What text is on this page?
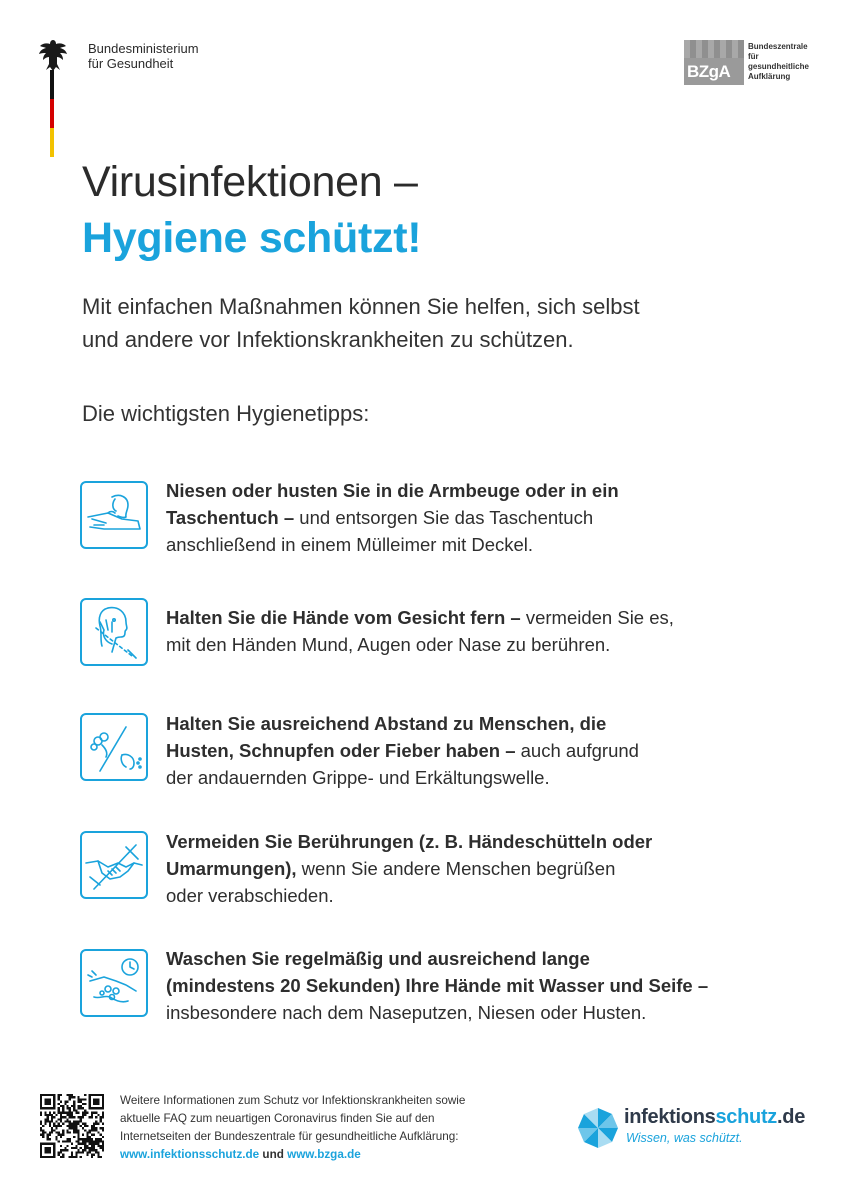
Bundesministerium
für Gesundheit	BZgA
Bundeszentrale
für
gesundheitliche
Aufklärung
Virusinfektionen –
Hygiene schützt!
Mit einfachen Maßnahmen können Sie helfen, sich selbst
und andere vor Infektionskrankheiten zu schützen.
Die wichtigsten Hygienetipps:
Niesen oder husten Sie in die Armbeuge oder in ein
Taschentuch – und entsorgen Sie das Taschentuch
anschließend in einem Mülleimer mit Deckel.
Halten Sie die Hände vom Gesicht fern – vermeiden Sie es,
mit den Händen Mund, Augen oder Nase zu berühren.
Halten Sie ausreichend Abstand zu Menschen, die
Husten, Schnupfen oder Fieber haben – auch aufgrund
der andauernden Grippe- und Erkältungswelle.
Vermeiden Sie Berührungen (z. B. Händeschütteln oder
Umarmungen), wenn Sie andere Menschen begrüßen
oder verabschieden.
Waschen Sie regelmäßig und ausreichend lange
(mindestens 20 Sekunden) Ihre Hände mit Wasser und Seife –
insbesondere nach dem Naseputzen, Niesen oder Husten.
Weitere Informationen zum Schutz vor Infektionskrankheiten sowie
aktuelle FAQ zum neuartigen Coronavirus finden Sie auf den
Internetseiten der Bundeszentrale für gesundheitliche Aufklärung:
www.infektionsschutz.de und www.bzga.de
infektionsschutz.de
Wissen, was schützt.
